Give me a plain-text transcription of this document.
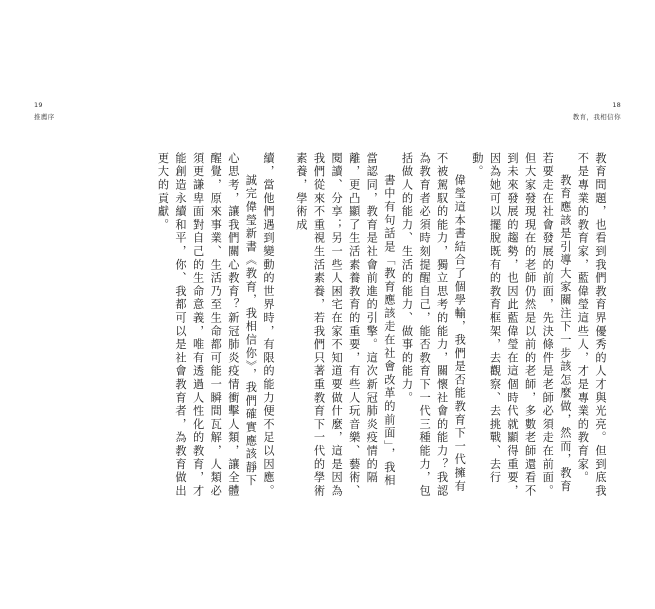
19
推薦序

續，當他們遇到變動的世界時，有限的能力便不足以因應。

誠完偉瑩新書《教育，我相信你》，我們確實應該靜下心思考，讓我們關心教育？新冠肺炎疫情衝擊人類，讓全體醒覺，原來事業、生活乃至生命都可能一瞬間瓦解，人類必須更謙卑面對自己的生命意義，唯有透過人性化的教育，才能創造永續和平，你、我都可以是社會教育者，為教育做出更大的貢獻。

18
教育，我相信你

教育問題，也看到我們教育界優秀的人才與光亮。但到底我不是專業的教育家，藍偉瑩這些人，才是專業的教育家。

教育應該是引導大家關注下一步該怎麼做，然而，教育若要走在社會發展的前面，先決條件是老師必須走在前面。但大家發現現在的老師仍然是以前的老師，多數老師還看不到未來發展的趨勢，也因此藍偉瑩在這個時代就顯得重要，因為她可以擺脫既有的教育框架，去觀察、去挑戰、去行動。

偉瑩這本書結合了個學輸，我們是否能教育下一代擁有不被駕馭的能力，獨立思考的能力，關懷社會的能力？我認為教育者必須時刻提醒自己，能否教育下一代三種能力，包括做人的能力、生活的能力、做事的能力。

書中有句話是「教育應該走在社會改革的前面」，我相當認同，教育是社會前進的引擎。這次新冠肺炎疫情的隔離，更凸顯了生活素養教育的重要，有些人玩音樂、藝術、閱讀、分享；另一些人困宅在家不知道要做什麼，這是因為我們從來不重視生活素養，若我們只著重教育下一代的學術素養，學術成
